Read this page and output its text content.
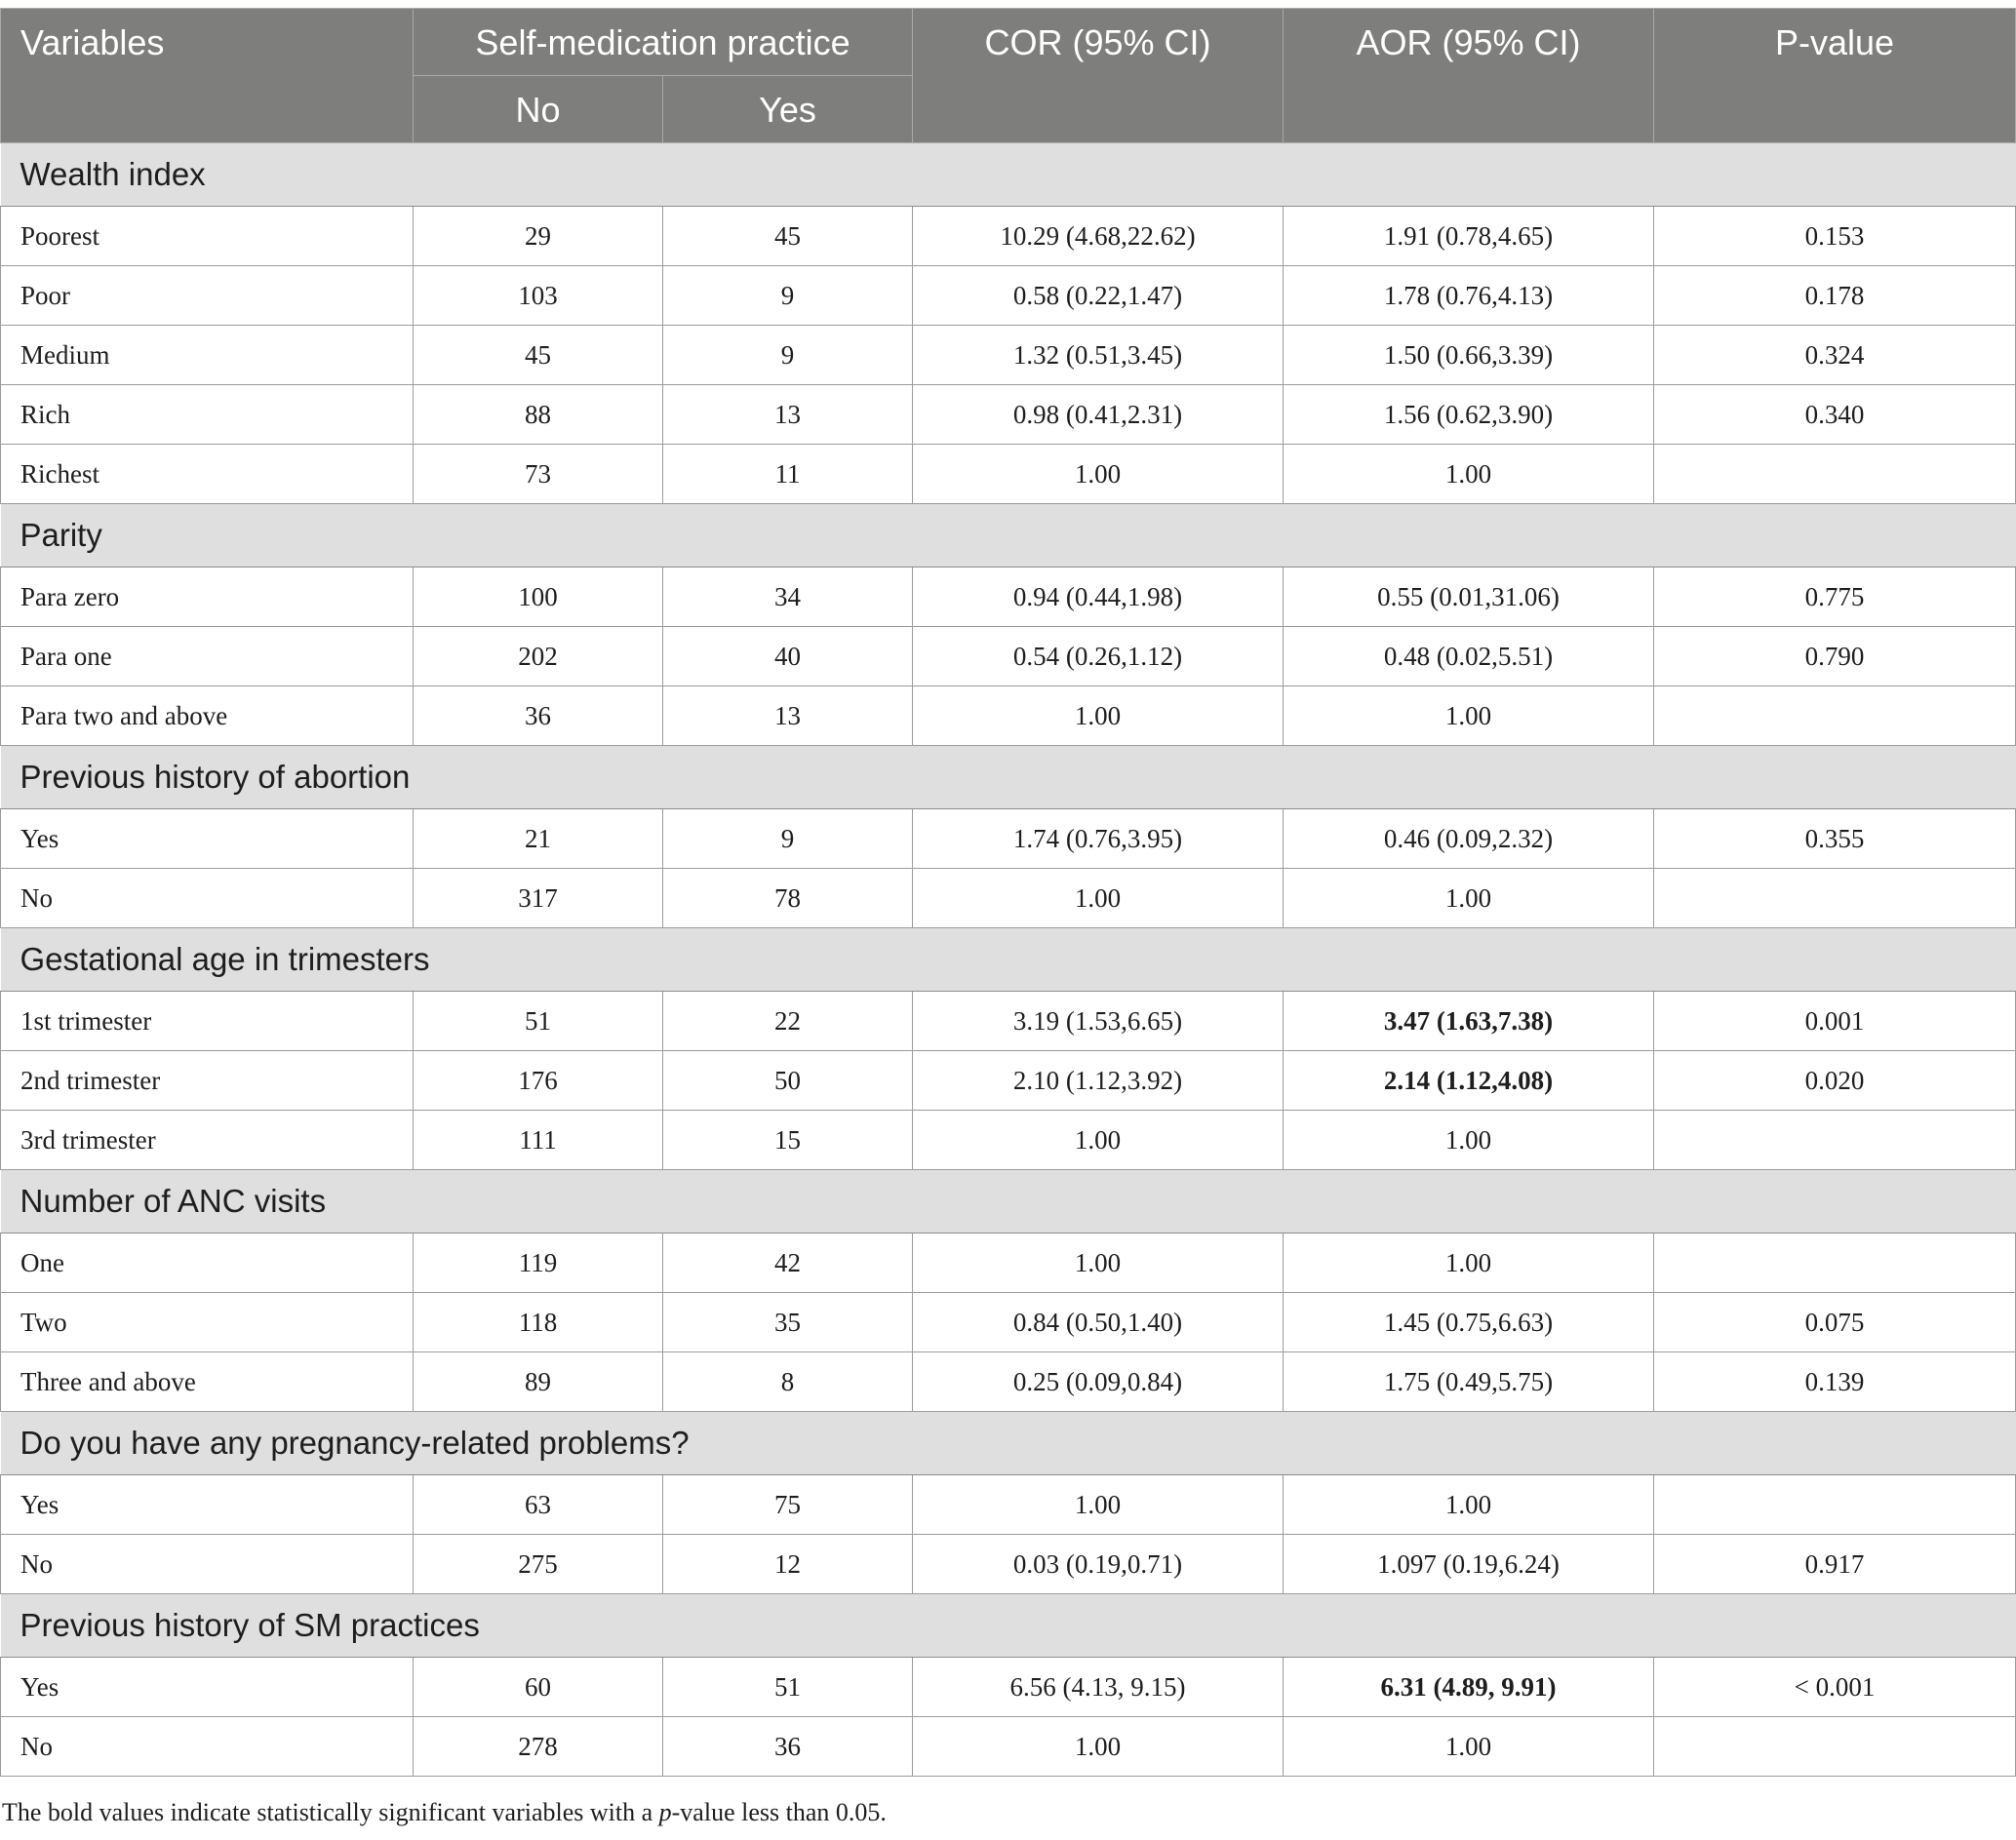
Variables	Self-medication practice		COR (95% CI)	AOR (95% CI)	P-value
	No	Yes			
Wealth index					
Poorest	29	45	10.29 (4.68,22.62)	1.91 (0.78,4.65)	0.153
Poor	103	9	0.58 (0.22,1.47)	1.78 (0.76,4.13)	0.178
Medium	45	9	1.32 (0.51,3.45)	1.50 (0.66,3.39)	0.324
Rich	88	13	0.98 (0.41,2.31)	1.56 (0.62,3.90)	0.340
Richest	73	11	1.00	1.00	
Parity					
Para zero	100	34	0.94 (0.44,1.98)	0.55 (0.01,31.06)	0.775
Para one	202	40	0.54 (0.26,1.12)	0.48 (0.02,5.51)	0.790
Para two and above	36	13	1.00	1.00	
Previous history of abortion					
Yes	21	9	1.74 (0.76,3.95)	0.46 (0.09,2.32)	0.355
No	317	78	1.00	1.00	
Gestational age in trimesters					
1st trimester	51	22	3.19 (1.53,6.65)	3.47 (1.63,7.38)	0.001
2nd trimester	176	50	2.10 (1.12,3.92)	2.14 (1.12,4.08)	0.020
3rd trimester	111	15	1.00	1.00	
Number of ANC visits					
One	119	42	1.00	1.00	
Two	118	35	0.84 (0.50,1.40)	1.45 (0.75,6.63)	0.075
Three and above	89	8	0.25 (0.09,0.84)	1.75 (0.49,5.75)	0.139
Do you have any pregnancy-related problems?					
Yes	63	75	1.00	1.00	
No	275	12	0.03 (0.19,0.71)	1.097 (0.19,6.24)	0.917
Previous history of SM practices					
Yes	60	51	6.56 (4.13, 9.15)	6.31 (4.89, 9.91)	< 0.001
No	278	36	1.00	1.00	
The bold values indicate statistically significant variables with a p-value less than 0.05.
